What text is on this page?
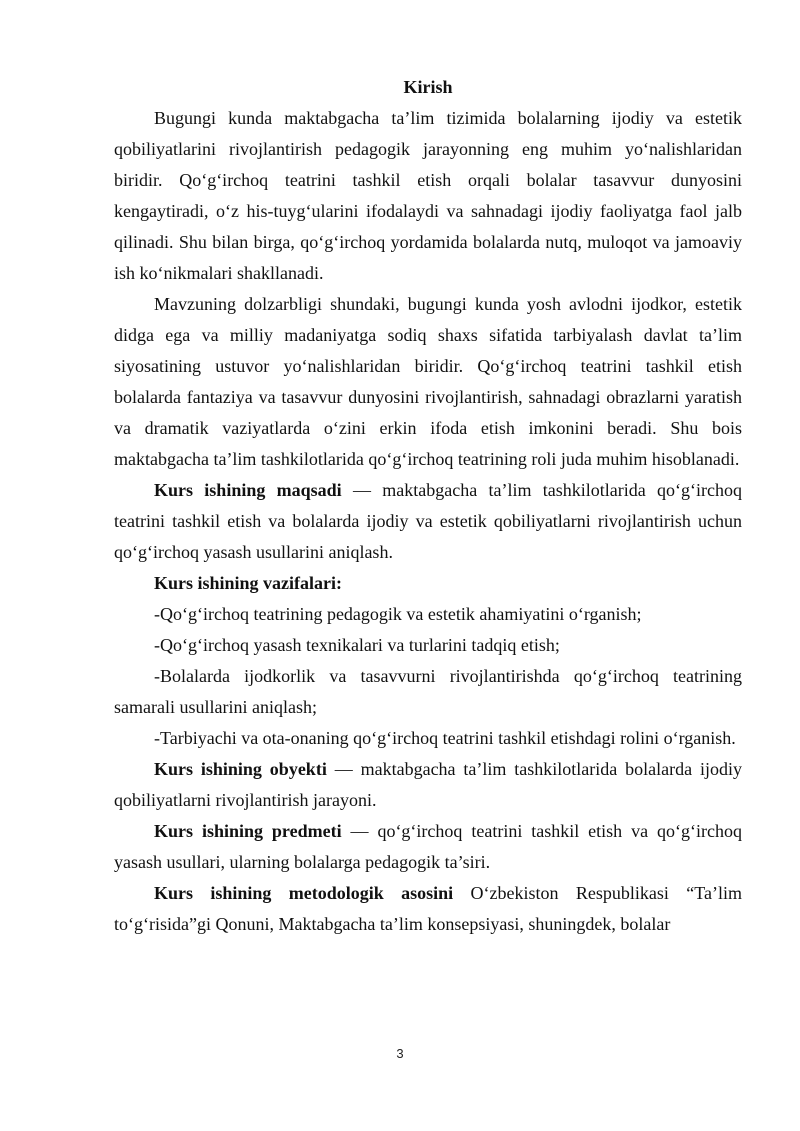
Kirish

Bugungi kunda maktabgacha ta’lim tizimida bolalarning ijodiy va estetik qobiliyatlarini rivojlantirish pedagogik jarayonning eng muhim yo‘nalishlaridan biridir. Qo‘g‘irchoq teatrini tashkil etish orqali bolalar tasavvur dunyosini kengaytiradi, o‘z his-tuyg‘ularini ifodalaydi va sahnadagi ijodiy faoliyatga faol jalb qilinadi. Shu bilan birga, qo‘g‘irchoq yordamida bolalarda nutq, muloqot va jamoaviy ish ko‘nikmalari shakllanadi.

Mavzuning dolzarbligi shundaki, bugungi kunda yosh avlodni ijodkor, estetik didga ega va milliy madaniyatga sodiq shaxs sifatida tarbiyalash davlat ta’lim siyosatining ustuvor yo‘nalishlaridan biridir. Qo‘g‘irchoq teatrini tashkil etish bolalarda fantaziya va tasavvur dunyosini rivojlantirish, sahnadagi obrazlarni yaratish va dramatik vaziyatlarda o‘zini erkin ifoda etish imkonini beradi. Shu bois maktabgacha ta’lim tashkilotlarida qo‘g‘irchoq teatrining roli juda muhim hisoblanadi.

Kurs ishining maqsadi — maktabgacha ta’lim tashkilotlarida qo‘g‘irchoq teatrini tashkil etish va bolalarda ijodiy va estetik qobiliyatlarni rivojlantirish uchun qo‘g‘irchoq yasash usullarini aniqlash.

Kurs ishining vazifalari:

-Qo‘g‘irchoq teatrining pedagogik va estetik ahamiyatini o‘rganish;

-Qo‘g‘irchoq yasash texnikalari va turlarini tadqiq etish;

-Bolalarda ijodkorlik va tasavvurni rivojlantirishda qo‘g‘irchoq teatrining samarali usullarini aniqlash;

-Tarbiyachi va ota-onaning qo‘g‘irchoq teatrini tashkil etishdagi rolini o‘rganish.

Kurs ishining obyekti — maktabgacha ta’lim tashkilotlarida bolalarda ijodiy qobiliyatlarni rivojlantirish jarayoni.

Kurs ishining predmeti — qo‘g‘irchoq teatrini tashkil etish va qo‘g‘irchoq yasash usullari, ularning bolalarga pedagogik ta’siri.

Kurs ishining metodologik asosini O‘zbekiston Respublikasi “Ta’lim to‘g‘risida”gi Qonuni, Maktabgacha ta’lim konsepsiyasi, shuningdek, bolalar

3
